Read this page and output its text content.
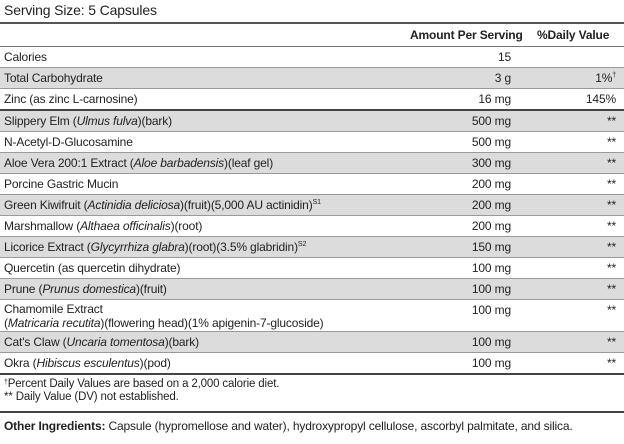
Serving Size: 5 Capsules
Amount Per Serving %Daily Value
Calories	15
Total Carbohydrate	3 g	1%†
Zinc (as zinc L-carnosine)	16 mg	145%
Slippery Elm (Ulmus fulva)(bark)	500 mg	**
N-Acetyl-D-Glucosamine	500 mg	**
Aloe Vera 200:1 Extract (Aloe barbadensis)(leaf gel)	300 mg	**
Porcine Gastric Mucin	200 mg	**
Green Kiwifruit (Actinidia deliciosa)(fruit)(5,000 AU actinidin)$^{S1}$	200 mg	**
Marshmallow (Althaea officinalis)(root)	200 mg	**
Licorice Extract (Glycyrrhiza glabra)(root)(3.5% glabridin)$^{S2}$	150 mg	**
Quercetin (as quercetin dihydrate)	100 mg	**
Prune (Prunus domestica)(fruit)	100 mg	**
Chamomile Extract
(Matricaria recutita)(flowering head)(1% apigenin-7-glucoside)
100 mg	**
Cat's Claw (Uncaria tomentosa)(bark)	100 mg	**
Okra (Hibiscus esculentus)(pod)	100 mg	**
†Percent Daily Values are based on a 2,000 calorie diet.
** Daily Value (DV) not established.
Other Ingredients: Capsule (hypromellose and water), hydroxypropyl cellulose, ascorbyl palmitate, and silica.
